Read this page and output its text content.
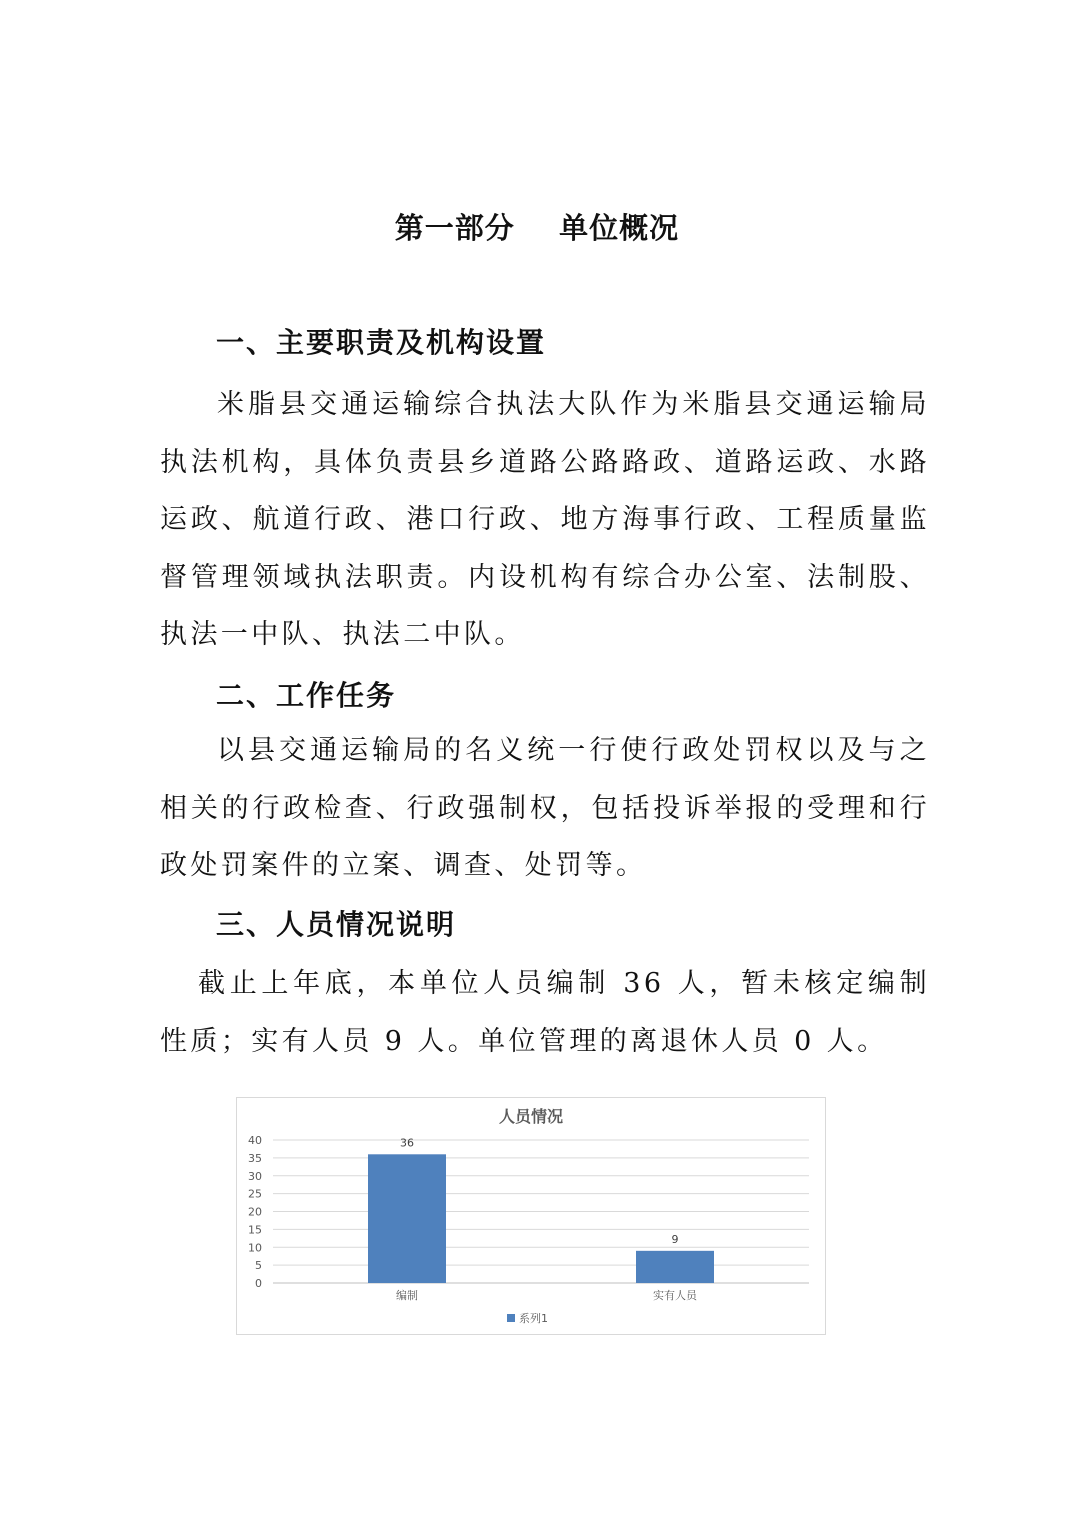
第一部分    单位概况
一、主要职责及机构设置

米脂县交通运输综合执法大队作为米脂县交通运输局执法机构，具体负责县乡道路公路路政、道路运政、水路运政、航道行政、港口行政、地方海事行政、工程质量监督管理领域执法职责。内设机构有综合办公室、法制股、执法一中队、执法二中队。

二、工作任务

以县交通运输局的名义统一行使行政处罚权以及与之相关的行政检查、行政强制权，包括投诉举报的受理和行政处罚案件的立案、调查、处罚等。

三、人员情况说明

截止上年底，本单位人员编制 36 人，暂未核定编制性质；实有人员 9 人。单位管理的离退休人员 0 人。

人员情况
0
5
10
15
20
25
30
35
40	36
9
编制	实有人员
系列1
